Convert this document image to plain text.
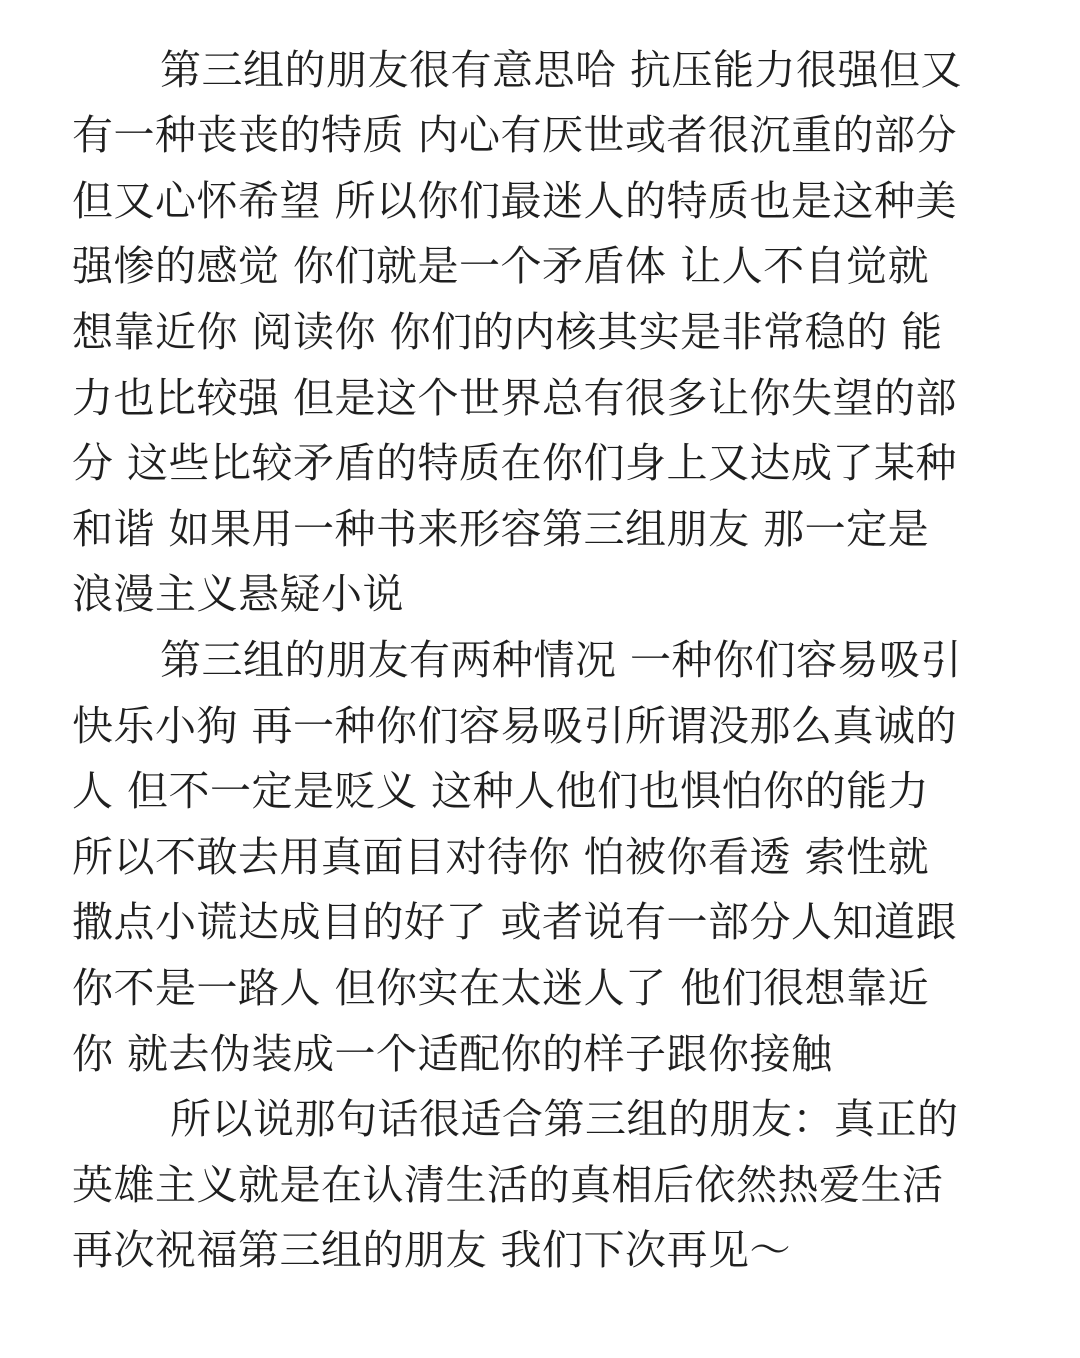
第三组的朋友很有意思哈 抗压能力很强但又
有一种丧丧的特质 内心有厌世或者很沉重的部分
但又心怀希望 所以你们最迷人的特质也是这种美
强惨的感觉 你们就是一个矛盾体 让人不自觉就
想靠近你 阅读你 你们的内核其实是非常稳的 能
力也比较强 但是这个世界总有很多让你失望的部
分 这些比较矛盾的特质在你们身上又达成了某种
和谐 如果用一种书来形容第三组朋友 那一定是
浪漫主义悬疑小说
第三组的朋友有两种情况 一种你们容易吸引
快乐小狗 再一种你们容易吸引所谓没那么真诚的
人 但不一定是贬义 这种人他们也惧怕你的能力
所以不敢去用真面目对待你 怕被你看透 索性就
撒点小谎达成目的好了 或者说有一部分人知道跟
你不是一路人 但你实在太迷人了 他们很想靠近
你 就去伪装成一个适配你的样子跟你接触
所以说那句话很适合第三组的朋友：真正的
英雄主义就是在认清生活的真相后依然热爱生活
再次祝福第三组的朋友 我们下次再见～
